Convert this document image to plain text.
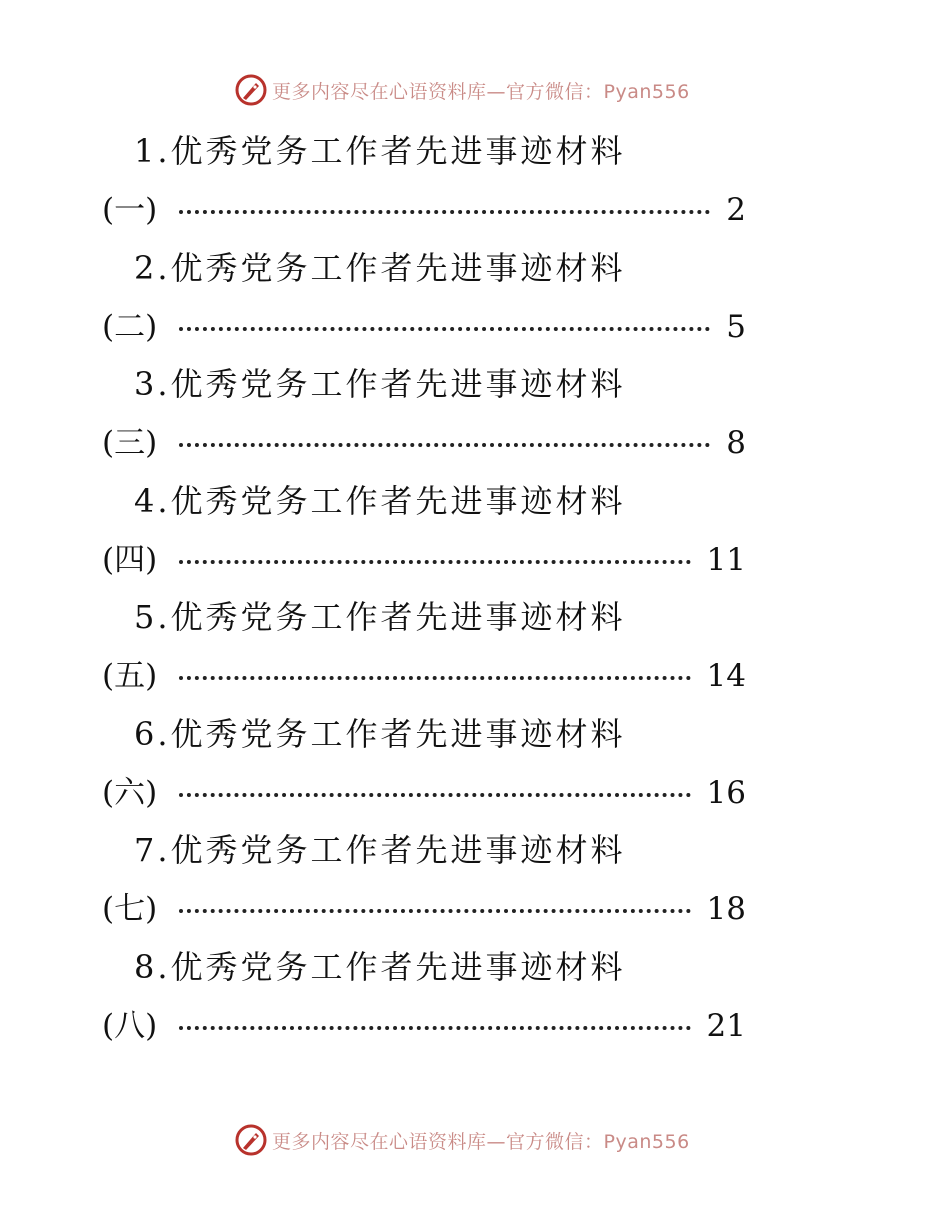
更多内容尽在心语资料库—官方微信：Pyan556
1.优秀党务工作者先进事迹材料
(一)	2
2.优秀党务工作者先进事迹材料
(二)	5
3.优秀党务工作者先进事迹材料
(三)	8
4.优秀党务工作者先进事迹材料
(四)	11
5.优秀党务工作者先进事迹材料
(五)	14
6.优秀党务工作者先进事迹材料
(六)	16
7.优秀党务工作者先进事迹材料
(七)	18
8.优秀党务工作者先进事迹材料
(八)	21
更多内容尽在心语资料库—官方微信：Pyan556
